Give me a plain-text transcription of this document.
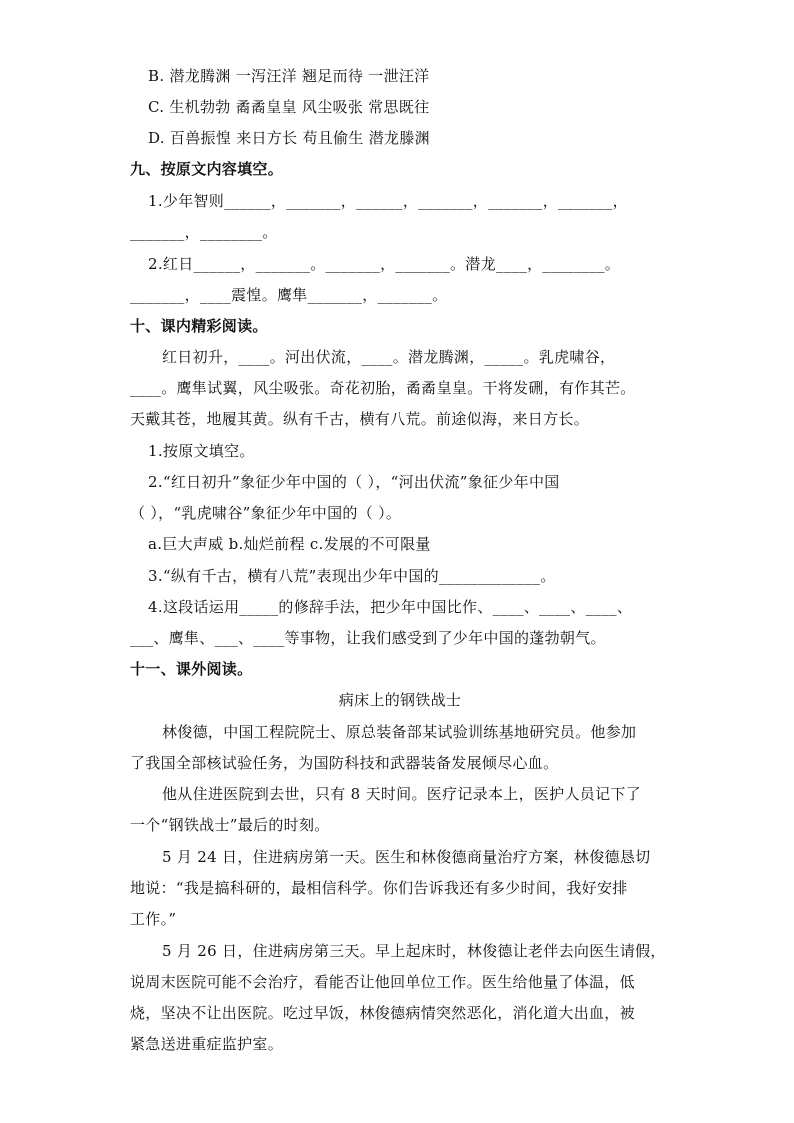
B. 潜龙腾渊 一泻汪洋 翘足而待 一泄汪洋
C. 生机勃勃 矞矞皇皇 风尘吸张 常思既往
D. 百兽振惶 来日方长 苟且偷生 潜龙滕渊
九、按原文内容填空。
1.少年智则______，_______，______，_______，_______，_______，
_______，________。
2.红日______，_______。_______，_______。潜龙____，________。
_______，____震惶。鹰隼_______，_______。
十、课内精彩阅读。
红日初升，____。河出伏流，____。潜龙腾渊，_____。乳虎啸谷，
____。鹰隼试翼，风尘吸张。奇花初胎，矞矞皇皇。干将发硎，有作其芒。
天戴其苍，地履其黄。纵有千古，横有八荒。前途似海，来日方长。
1.按原文填空。
2.“红日初升”象征少年中国的（ ），“河出伏流”象征少年中国
（ ），“乳虎啸谷”象征少年中国的（ ）。
a.巨大声威 b.灿烂前程 c.发展的不可限量
3.“纵有千古，横有八荒”表现出少年中国的_____________。
4.这段话运用_____的修辞手法，把少年中国比作、____、____、____、
___、鹰隼、___、____等事物，让我们感受到了少年中国的蓬勃朝气。
十一、课外阅读。
病床上的钢铁战士
林俊德，中国工程院院士、原总装备部某试验训练基地研究员。他参加
了我国全部核试验任务，为国防科技和武器装备发展倾尽心血。
他从住进医院到去世，只有 8 天时间。医疗记录本上，医护人员记下了
一个“钢铁战士”最后的时刻。
5 月 24 日，住进病房第一天。医生和林俊德商量治疗方案，林俊德恳切
地说：“我是搞科研的，最相信科学。你们告诉我还有多少时间，我好安排
工作。”
5 月 26 日，住进病房第三天。早上起床时，林俊德让老伴去向医生请假，
说周末医院可能不会治疗，看能否让他回单位工作。医生给他量了体温，低
烧，坚决不让出医院。吃过早饭，林俊德病情突然恶化，消化道大出血，被
紧急送进重症监护室。
